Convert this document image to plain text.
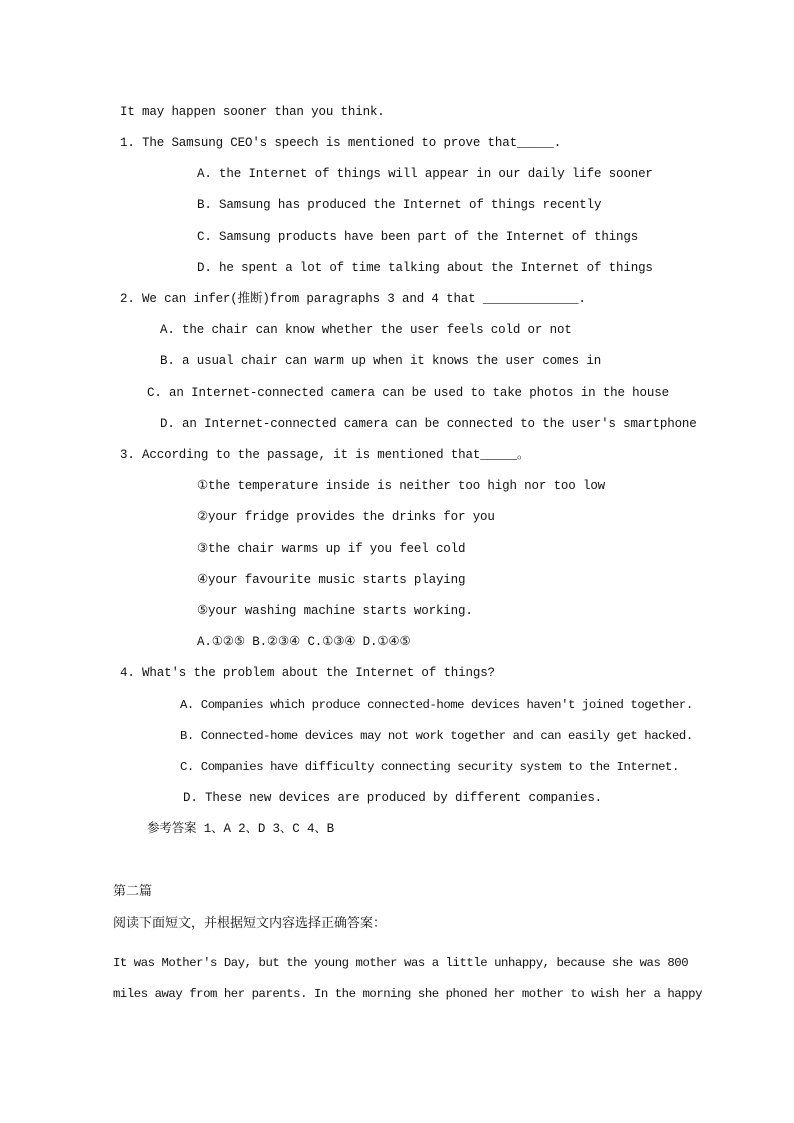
It may happen sooner than you think.
1. The Samsung CEO's speech is mentioned to prove that_____.
A. the Internet of things will appear in our daily life sooner
B. Samsung has produced the Internet of things recently
C. Samsung products have been part of the Internet of things
D. he spent a lot of time talking about the Internet of things
2. We can infer(推断)from paragraphs 3 and 4 that _____________.
A. the chair can know whether the user feels cold or not
B. a usual chair can warm up when it knows the user comes in
C. an Internet-connected camera can be used to take photos in the house
D. an Internet-connected camera can be connected to the user's smartphone
3. According to the passage, it is mentioned that_____。
①the temperature inside is neither too high nor too low
②your fridge provides the drinks for you
③the chair warms up if you feel cold
④your favourite music starts playing
⑤your washing machine starts working.
A.①②⑤ B.②③④ C.①③④ D.①④⑤
4. What's the problem about the Internet of things?
A. Companies which produce connected-home devices haven't joined together.
B. Connected-home devices may not work together and can easily get hacked.
C. Companies have difficulty connecting security system to the Internet.
D. These new devices are produced by different companies.
参考答案 1、A 2、D 3、C 4、B
第二篇
阅读下面短文，并根据短文内容选择正确答案：
It was Mother's Day, but the young mother was a little unhappy, because she was 800
miles away from her parents. In the morning she phoned her mother to wish her a happy
